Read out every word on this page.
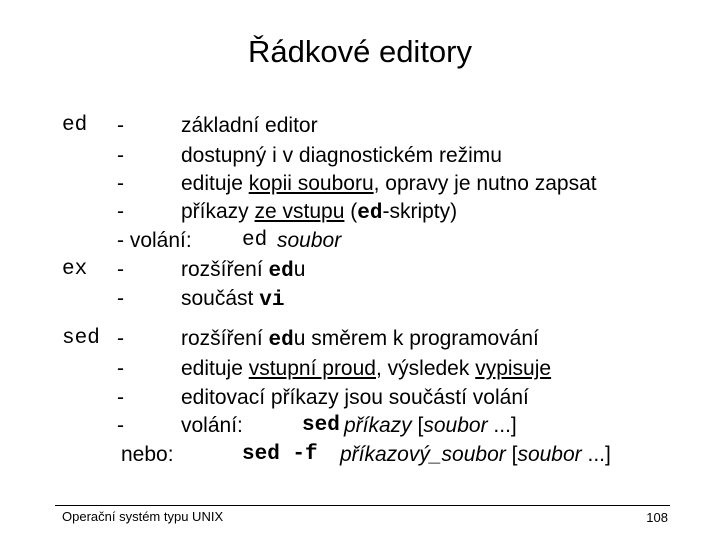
Řádkové editory
ed -	základní editor
-	dostupný i v diagnostickém režimu
-	edituje kopii souboru, opravy je nutno zapsat
-	příkazy ze vstupu (ed-skripty)
- volání: ed soubor
ex -	rozšíření edu
-	součást vi
sed -	rozšíření edu směrem k programování
-	edituje vstupní proud, výsledek vypisuje
-	editovací příkazy jsou součástí volání
-	volání:	sed příkazy [soubor ...]
nebo:	sed -f příkazový_soubor [soubor ...]
Operační systém typu UNIX	108
